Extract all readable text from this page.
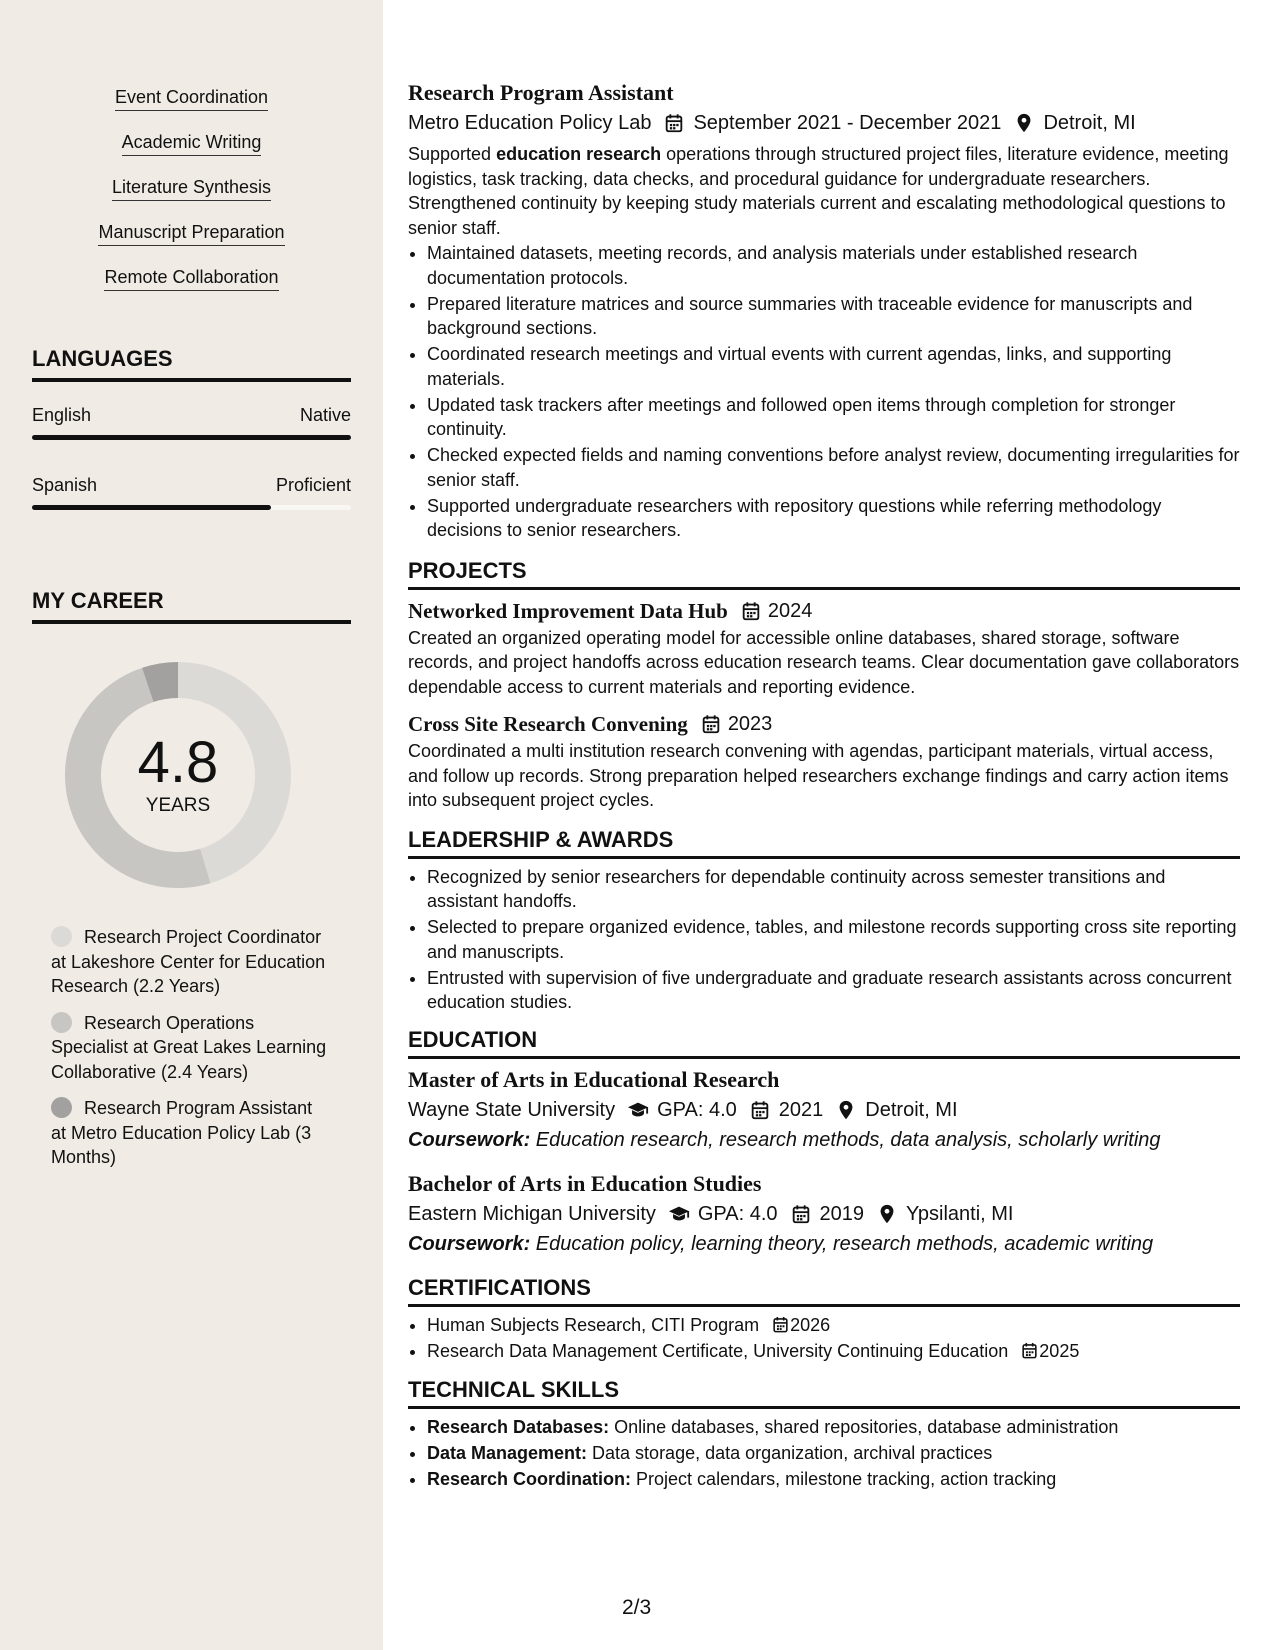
Event Coordination
Academic Writing
Literature Synthesis
Manuscript Preparation
Remote Collaboration
LANGUAGES
English	Native
Spanish	Proficient
MY CAREER
4.8
YEARS
Research Project Coordinator at Lakeshore Center for Education Research (2.2 Years)
Research Operations Specialist at Great Lakes Learning Collaborative (2.4 Years)
Research Program Assistant at Metro Education Policy Lab (3 Months)
Research Program Assistant
Metro Education Policy Lab September 2021 - December 2021 Detroit, MI
Supported education research operations through structured project files, literature evidence, meeting logistics, task tracking, data checks, and procedural guidance for undergraduate researchers. Strengthened continuity by keeping study materials current and escalating methodological questions to senior staff.
• Maintained datasets, meeting records, and analysis materials under established research documentation protocols.
• Prepared literature matrices and source summaries with traceable evidence for manuscripts and background sections.
• Coordinated research meetings and virtual events with current agendas, links, and supporting materials.
• Updated task trackers after meetings and followed open items through completion for stronger continuity.
• Checked expected fields and naming conventions before analyst review, documenting irregularities for senior staff.
• Supported undergraduate researchers with repository questions while referring methodology decisions to senior researchers.
PROJECTS
Networked Improvement Data Hub 2024
Created an organized operating model for accessible online databases, shared storage, software records, and project handoffs across education research teams. Clear documentation gave collaborators dependable access to current materials and reporting evidence.
Cross Site Research Convening 2023
Coordinated a multi institution research convening with agendas, participant materials, virtual access, and follow up records. Strong preparation helped researchers exchange findings and carry action items into subsequent project cycles.
LEADERSHIP & AWARDS
• Recognized by senior researchers for dependable continuity across semester transitions and assistant handoffs.
• Selected to prepare organized evidence, tables, and milestone records supporting cross site reporting and manuscripts.
• Entrusted with supervision of five undergraduate and graduate research assistants across concurrent education studies.
EDUCATION
Master of Arts in Educational Research
Wayne State University GPA: 4.0 2021 Detroit, MI
Coursework: Education research, research methods, data analysis, scholarly writing
Bachelor of Arts in Education Studies
Eastern Michigan University GPA: 4.0 2019 Ypsilanti, MI
Coursework: Education policy, learning theory, research methods, academic writing
CERTIFICATIONS
• Human Subjects Research, CITI Program 2026
• Research Data Management Certificate, University Continuing Education 2025
TECHNICAL SKILLS
• Research Databases: Online databases, shared repositories, database administration
• Data Management: Data storage, data organization, archival practices
• Research Coordination: Project calendars, milestone tracking, action tracking
2/3
